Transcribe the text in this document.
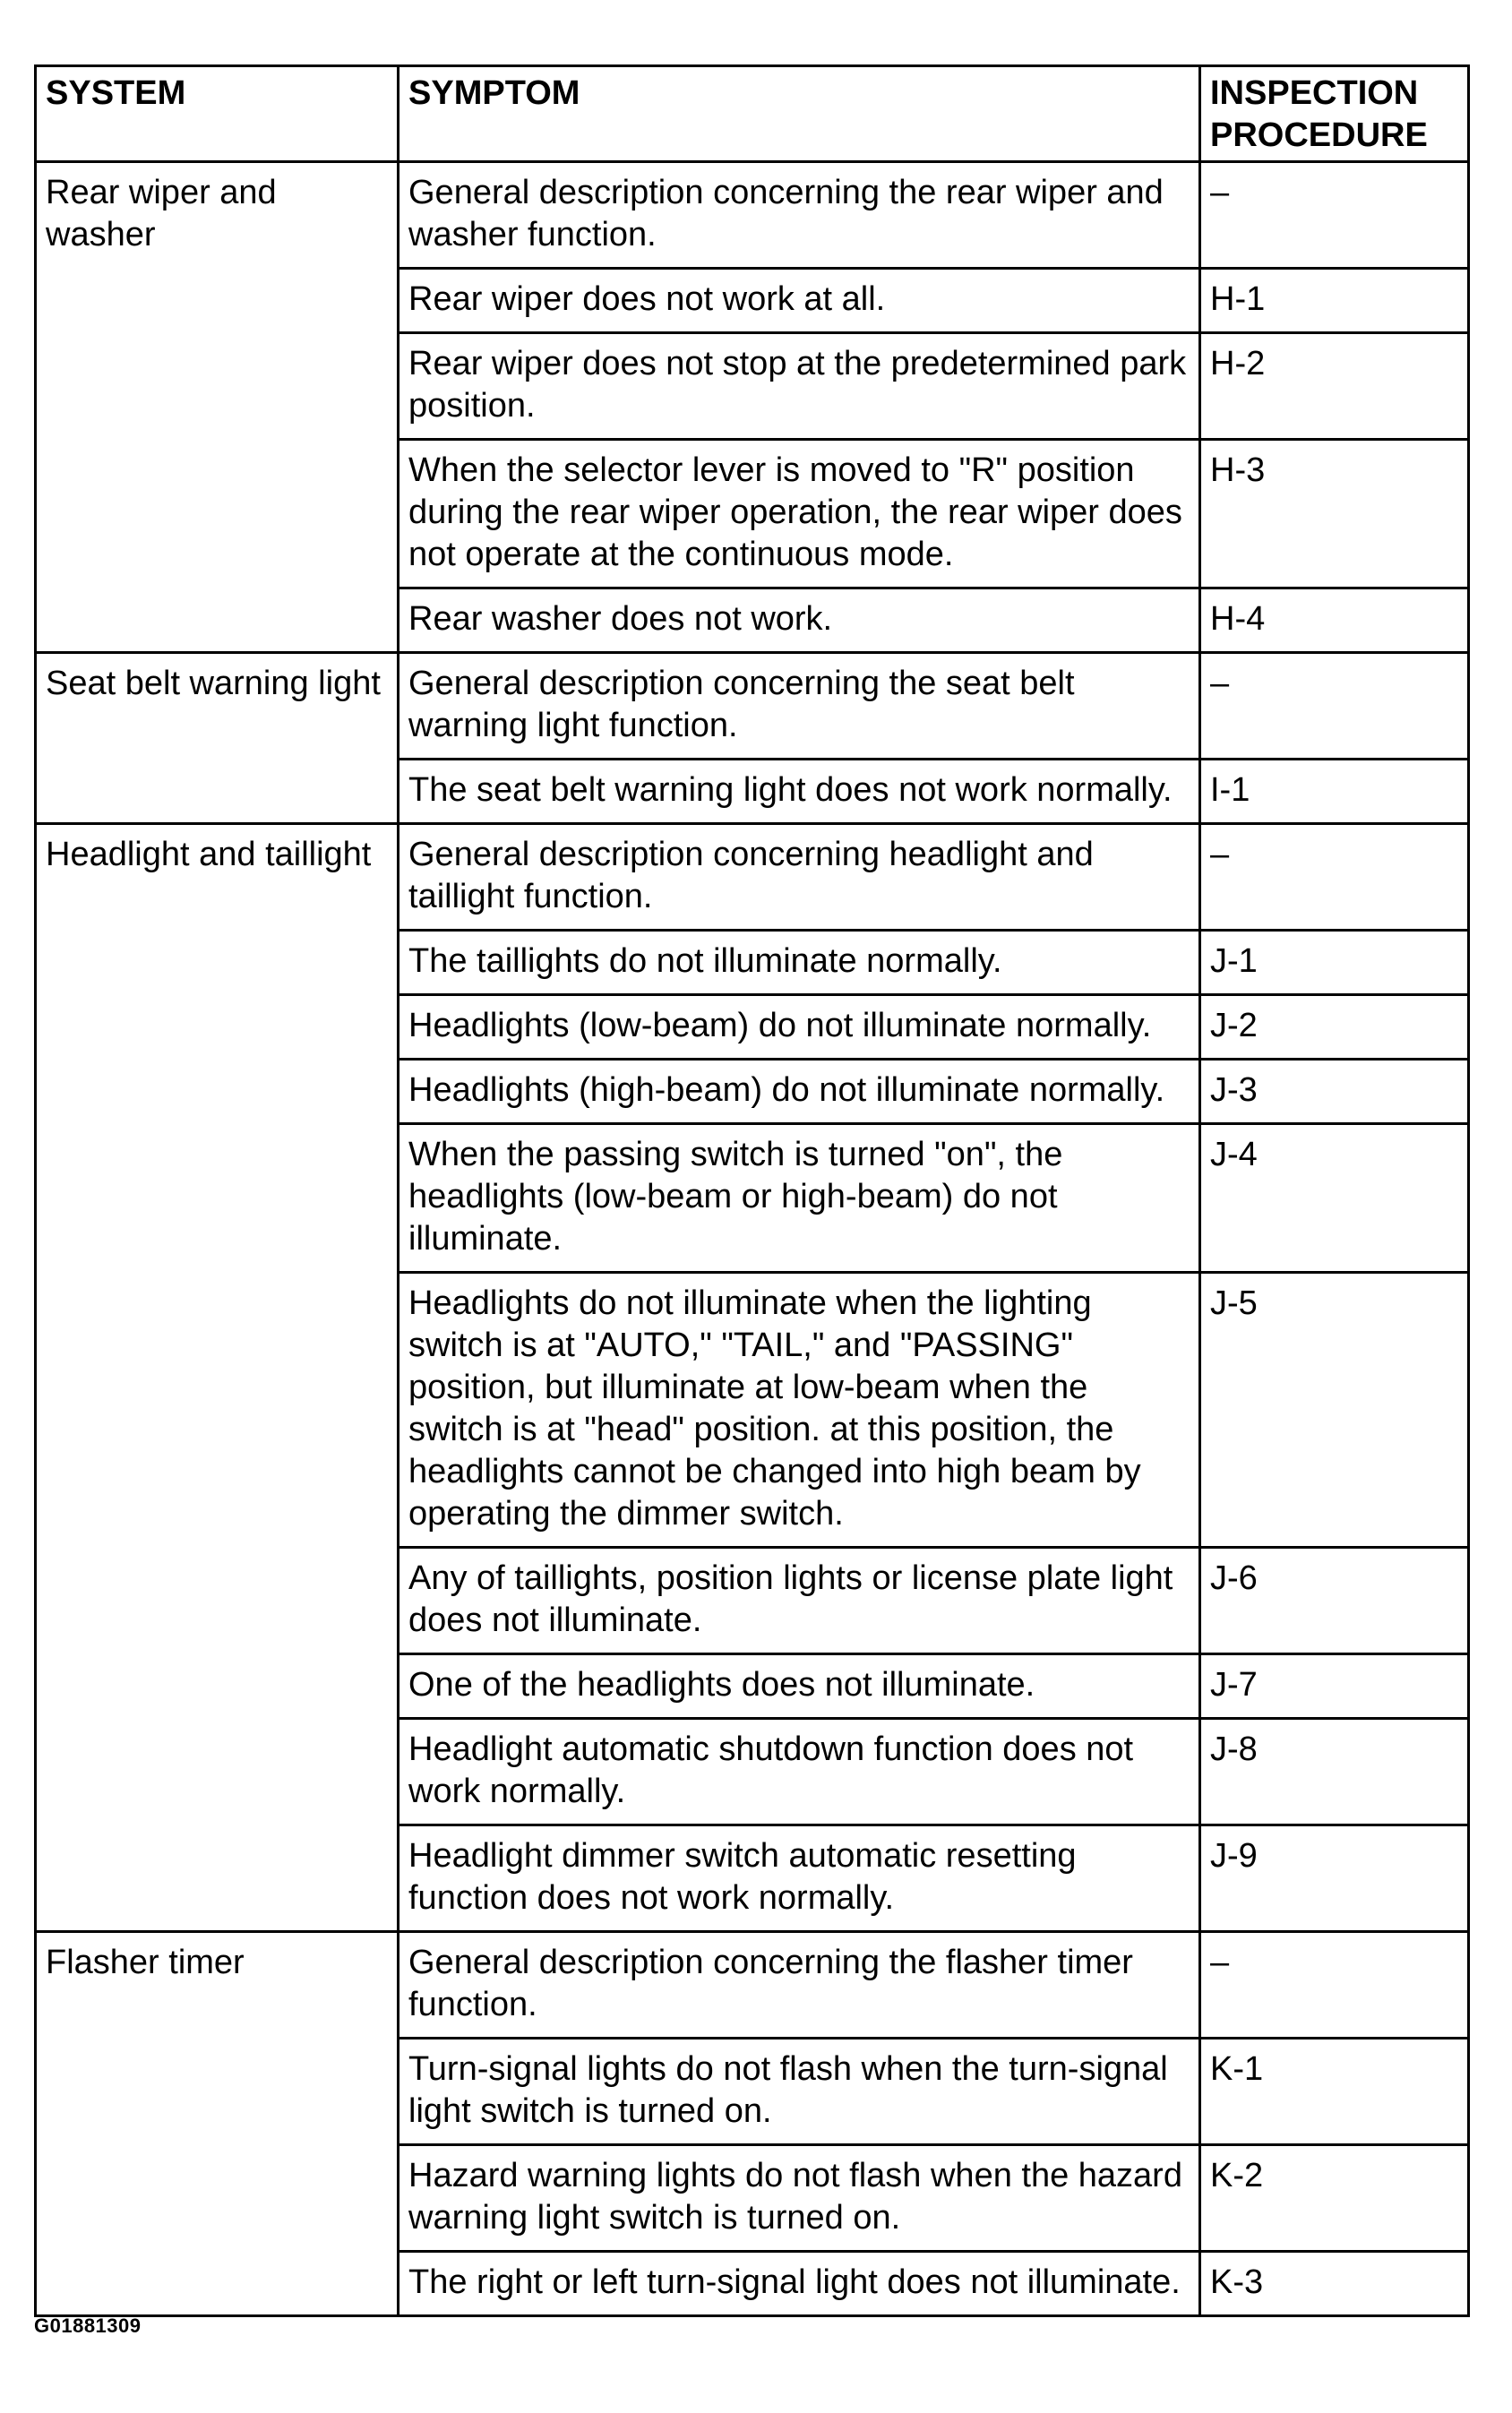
SYSTEM	SYMPTOM	INSPECTION PROCEDURE
Rear wiper and washer	General description concerning the rear wiper and washer function.	–
	Rear wiper does not work at all.	H-1
	Rear wiper does not stop at the predetermined park position.	H-2
	When the selector lever is moved to "R" position during the rear wiper operation, the rear wiper does not operate at the continuous mode.	H-3
	Rear washer does not work.	H-4
Seat belt warning light	General description concerning the seat belt warning light function.	–
	The seat belt warning light does not work normally.	I-1
Headlight and taillight	General description concerning headlight and taillight function.	–
	The taillights do not illuminate normally.	J-1
	Headlights (low-beam) do not illuminate normally.	J-2
	Headlights (high-beam) do not illuminate normally.	J-3
	When the passing switch is turned "on", the headlights (low-beam or high-beam) do not illuminate.	J-4
	Headlights do not illuminate when the lighting switch is at "AUTO," "TAIL," and "PASSING" position, but illuminate at low-beam when the switch is at "head" position. at this position, the headlights cannot be changed into high beam by operating the dimmer switch.	J-5
	Any of taillights, position lights or license plate light does not illuminate.	J-6
	One of the headlights does not illuminate.	J-7
	Headlight automatic shutdown function does not work normally.	J-8
	Headlight dimmer switch automatic resetting function does not work normally.	J-9
Flasher timer	General description concerning the flasher timer function.	–
	Turn-signal lights do not flash when the turn-signal light switch is turned on.	K-1
	Hazard warning lights do not flash when the hazard warning light switch is turned on.	K-2
	The right or left turn-signal light does not illuminate.	K-3
G01881309
